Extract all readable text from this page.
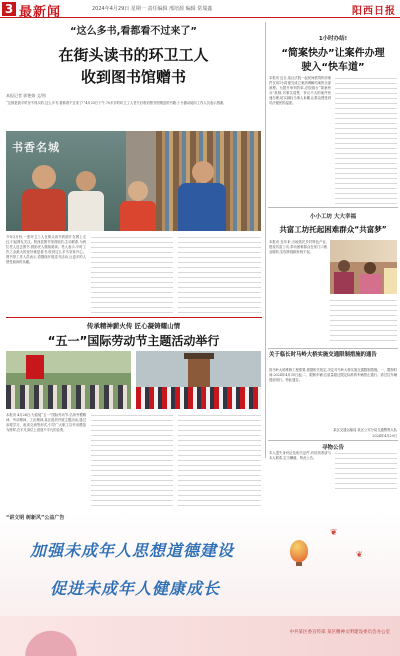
3 最新闻	2024年4月29日 星期一 责任编辑 邢培源 编辑 常瑞鑫	阳西日报
“这么多书,看都看不过来了”
在街头读书的环卫工人
收到图书馆赠书
本报记者 郭艳娟 文/图
“这都是我平时舍不得买的,这么多书,看都看不过来了!”4月25日下午,70多岁的环卫工人老夫妇收到图书馆赠送的书籍,十分激动地向工作人员表示感谢。
书香名城
今年3月份,一张环卫工人在街头读书的照片在网上走红,引起网友关注。阳西县图书馆得知后,主动联系,为两位老人送去图书,鼓励老人继续阅读。老人表示,平时工作之余最大的爱好就是看书,收到这么多书非常开心。图书馆工作人员表示,将继续开展送书活动,让更多的人感受阅读的乐趣。
1小时办结!
“简案快办”让案件办理
驶入“快车道”
本报讯 近日,某区法院一起民间借贷纠纷案件仅用1小时便完成立案到调解结案的全部流程。为提升审判效率,法院推行“简案快办”机制,对事实清楚、争议不大的案件快速办理,切实减轻当事人诉累,让群众感受到司法便民的温度。
小小工坊 大大幸福
共富工坊托起困难群众“共富梦”
本报讯 近年来,当地依托乡村特色产业,建设共富工坊,带动困难群众在家门口就业增收,实现挣钱顾家两不误。
关于临长时马岭大桥实施交通限制措施的通告
因马岭大桥维修工程需要,根据相关规定,决定对马岭大桥实施交通限制措施。一、限制时间:2024年4月30日起;二、限制车辆:总质量超过限定标准的车辆禁止通行。请过往车辆提前绕行。特此通告。
某区交通运输局 某区公安分局交通警察大队
2024年4月29日
寻物公告
本人遗失身份证及相关证件,有拾到者请与本人联系,定当酬谢。特此公告。
传承精神薪火传 匠心凝铸耀山情
“五一”国际劳动节主题活动举行
本报讯 4月26日,为迎接“五一”国际劳动节,弘扬劳模精神、劳动精神、工匠精神,某区组织开展主题活动,通过参观学习、座谈交流等形式,引导广大职工以劳动模范为榜样,在平凡岗位上创造不平凡的业绩。
“讲文明 树新风”公益广告
加强未成年人思想道德建设
促进未成年人健康成长
❦
❦
中共某区委宣传部 某区精神文明建设委员会办公室
